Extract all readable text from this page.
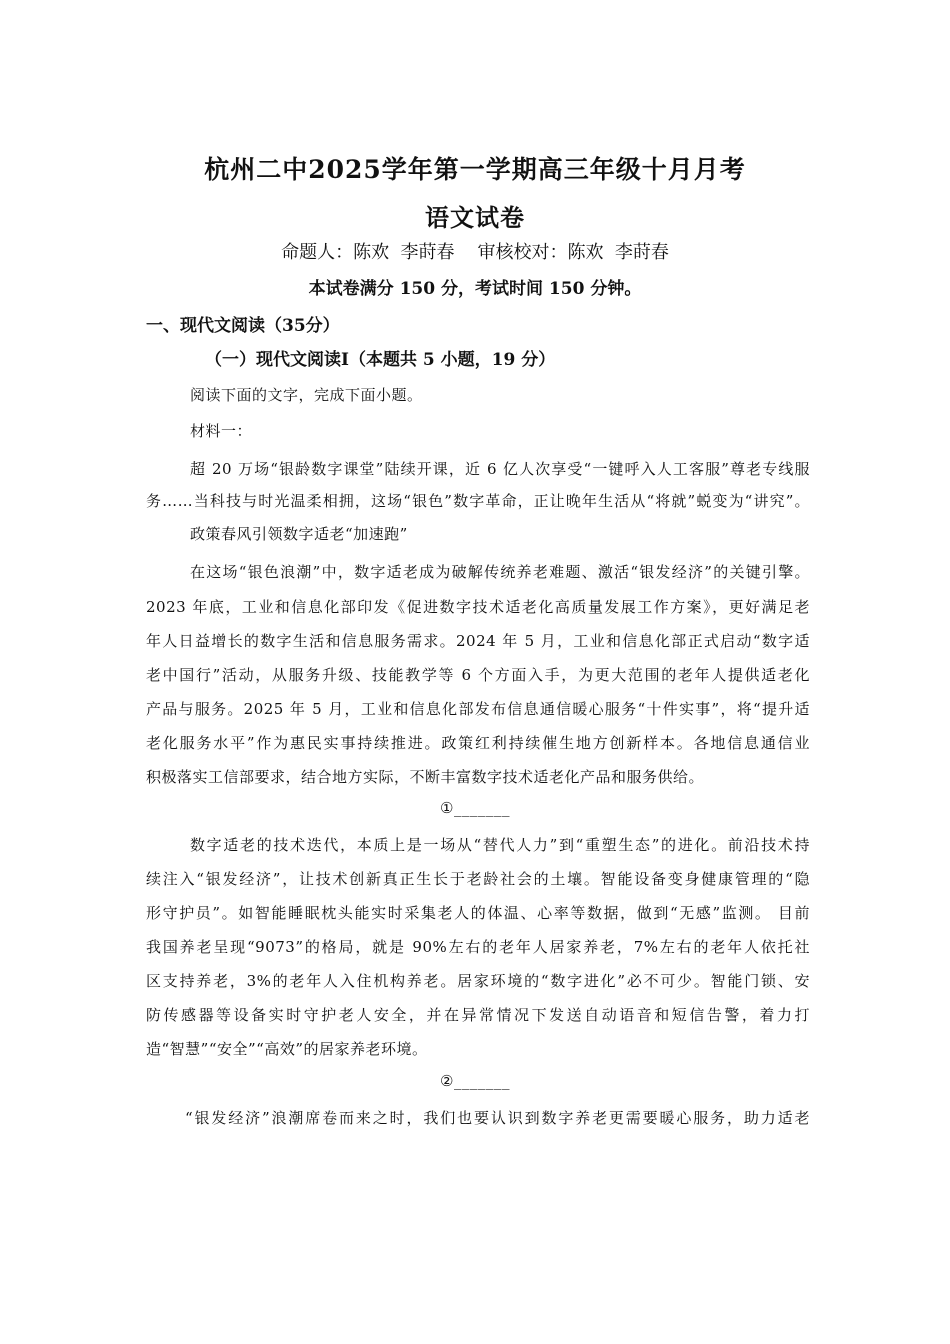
杭州二中2025学年第一学期高三年级十月月考
语文试卷
命题人：陈欢  李莳春    审核校对：陈欢  李莳春
本试卷满分 150 分，考试时间 150 分钟。
一、现代文阅读（35分）
（一）现代文阅读Ⅰ（本题共 5 小题，19 分）
阅读下面的文字，完成下面小题。
材料一：
超 20 万场“银龄数字课堂”陆续开课，近 6 亿人次享受“一键呼入人工客服”尊老专线服
务……当科技与时光温柔相拥，这场“银色”数字革命，正让晚年生活从“将就”蜕变为“讲究”。
政策春风引领数字适老“加速跑”
在这场“银色浪潮”中，数字适老成为破解传统养老难题、激活“银发经济”的关键引擎。
2023 年底，工业和信息化部印发《促进数字技术适老化高质量发展工作方案》，更好满足老
年人日益增长的数字生活和信息服务需求。2024 年 5 月，工业和信息化部正式启动“数字适
老中国行”活动，从服务升级、技能教学等 6 个方面入手，为更大范围的老年人提供适老化
产品与服务。2025 年 5 月，工业和信息化部发布信息通信暖心服务“十件实事”，将“提升适
老化服务水平”作为惠民实事持续推进。政策红利持续催生地方创新样本。各地信息通信业
积极落实工信部要求，结合地方实际，不断丰富数字技术适老化产品和服务供给。
①_______
数字适老的技术迭代，本质上是一场从“替代人力”到“重塑生态”的进化。前沿技术持
续注入“银发经济”，让技术创新真正生长于老龄社会的土壤。智能设备变身健康管理的“隐
形守护员”。如智能睡眠枕头能实时采集老人的体温、心率等数据，做到“无感”监测。 目前
我国养老呈现“9073”的格局，就是 90%左右的老年人居家养老，7%左右的老年人依托社
区支持养老，3%的老年人入住机构养老。居家环境的“数字进化”必不可少。智能门锁、安
防传感器等设备实时守护老人安全，并在异常情况下发送自动语音和短信告警，着力打
造“智慧”“安全”“高效”的居家养老环境。
②_______
“银发经济”浪潮席卷而来之时，我们也要认识到数字养老更需要暖心服务，助力适老
